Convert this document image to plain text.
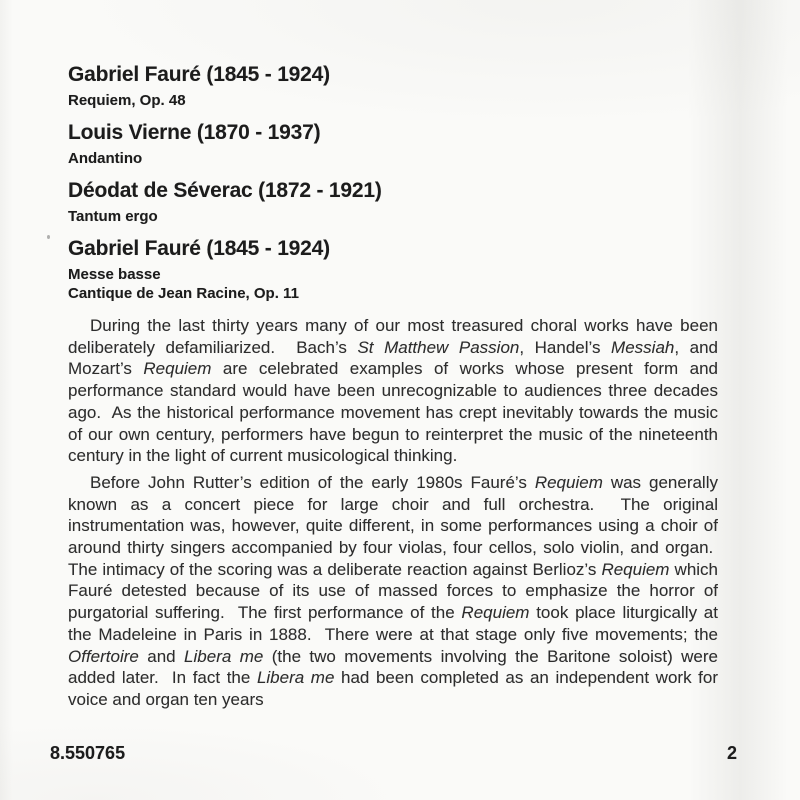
Gabriel Fauré (1845 - 1924)
Requiem, Op. 48
Louis Vierne (1870 - 1937)
Andantino
Déodat de Séverac (1872 - 1921)
Tantum ergo
Gabriel Fauré (1845 - 1924)
Messe basse
Cantique de Jean Racine, Op. 11

During the last thirty years many of our most treasured choral works have been deliberately defamiliarized.  Bach’s St Matthew Passion, Handel’s Messiah, and Mozart’s Requiem are celebrated examples of works whose present form and performance standard would have been unrecognizable to audiences three decades ago.  As the historical performance movement has crept inevitably towards the music of our own century, performers have begun to reinterpret the music of the nineteenth century in the light of current musicological thinking.

Before John Rutter’s edition of the early 1980s Fauré’s Requiem was generally known as a concert piece for large choir and full orchestra.  The original instrumentation was, however, quite different, in some performances using a choir of around thirty singers accompanied by four violas, four cellos, solo violin, and organ.  The intimacy of the scoring was a deliberate reaction against Berlioz’s Requiem which Fauré detested because of its use of massed forces to emphasize the horror of purgatorial suffering.  The first performance of the Requiem took place liturgically at the Madeleine in Paris in 1888.  There were at that stage only five movements; the Offertoire and Libera me (the two movements involving the Baritone soloist) were added later.  In fact the Libera me had been completed as an independent work for voice and organ ten years

8.550765	2
